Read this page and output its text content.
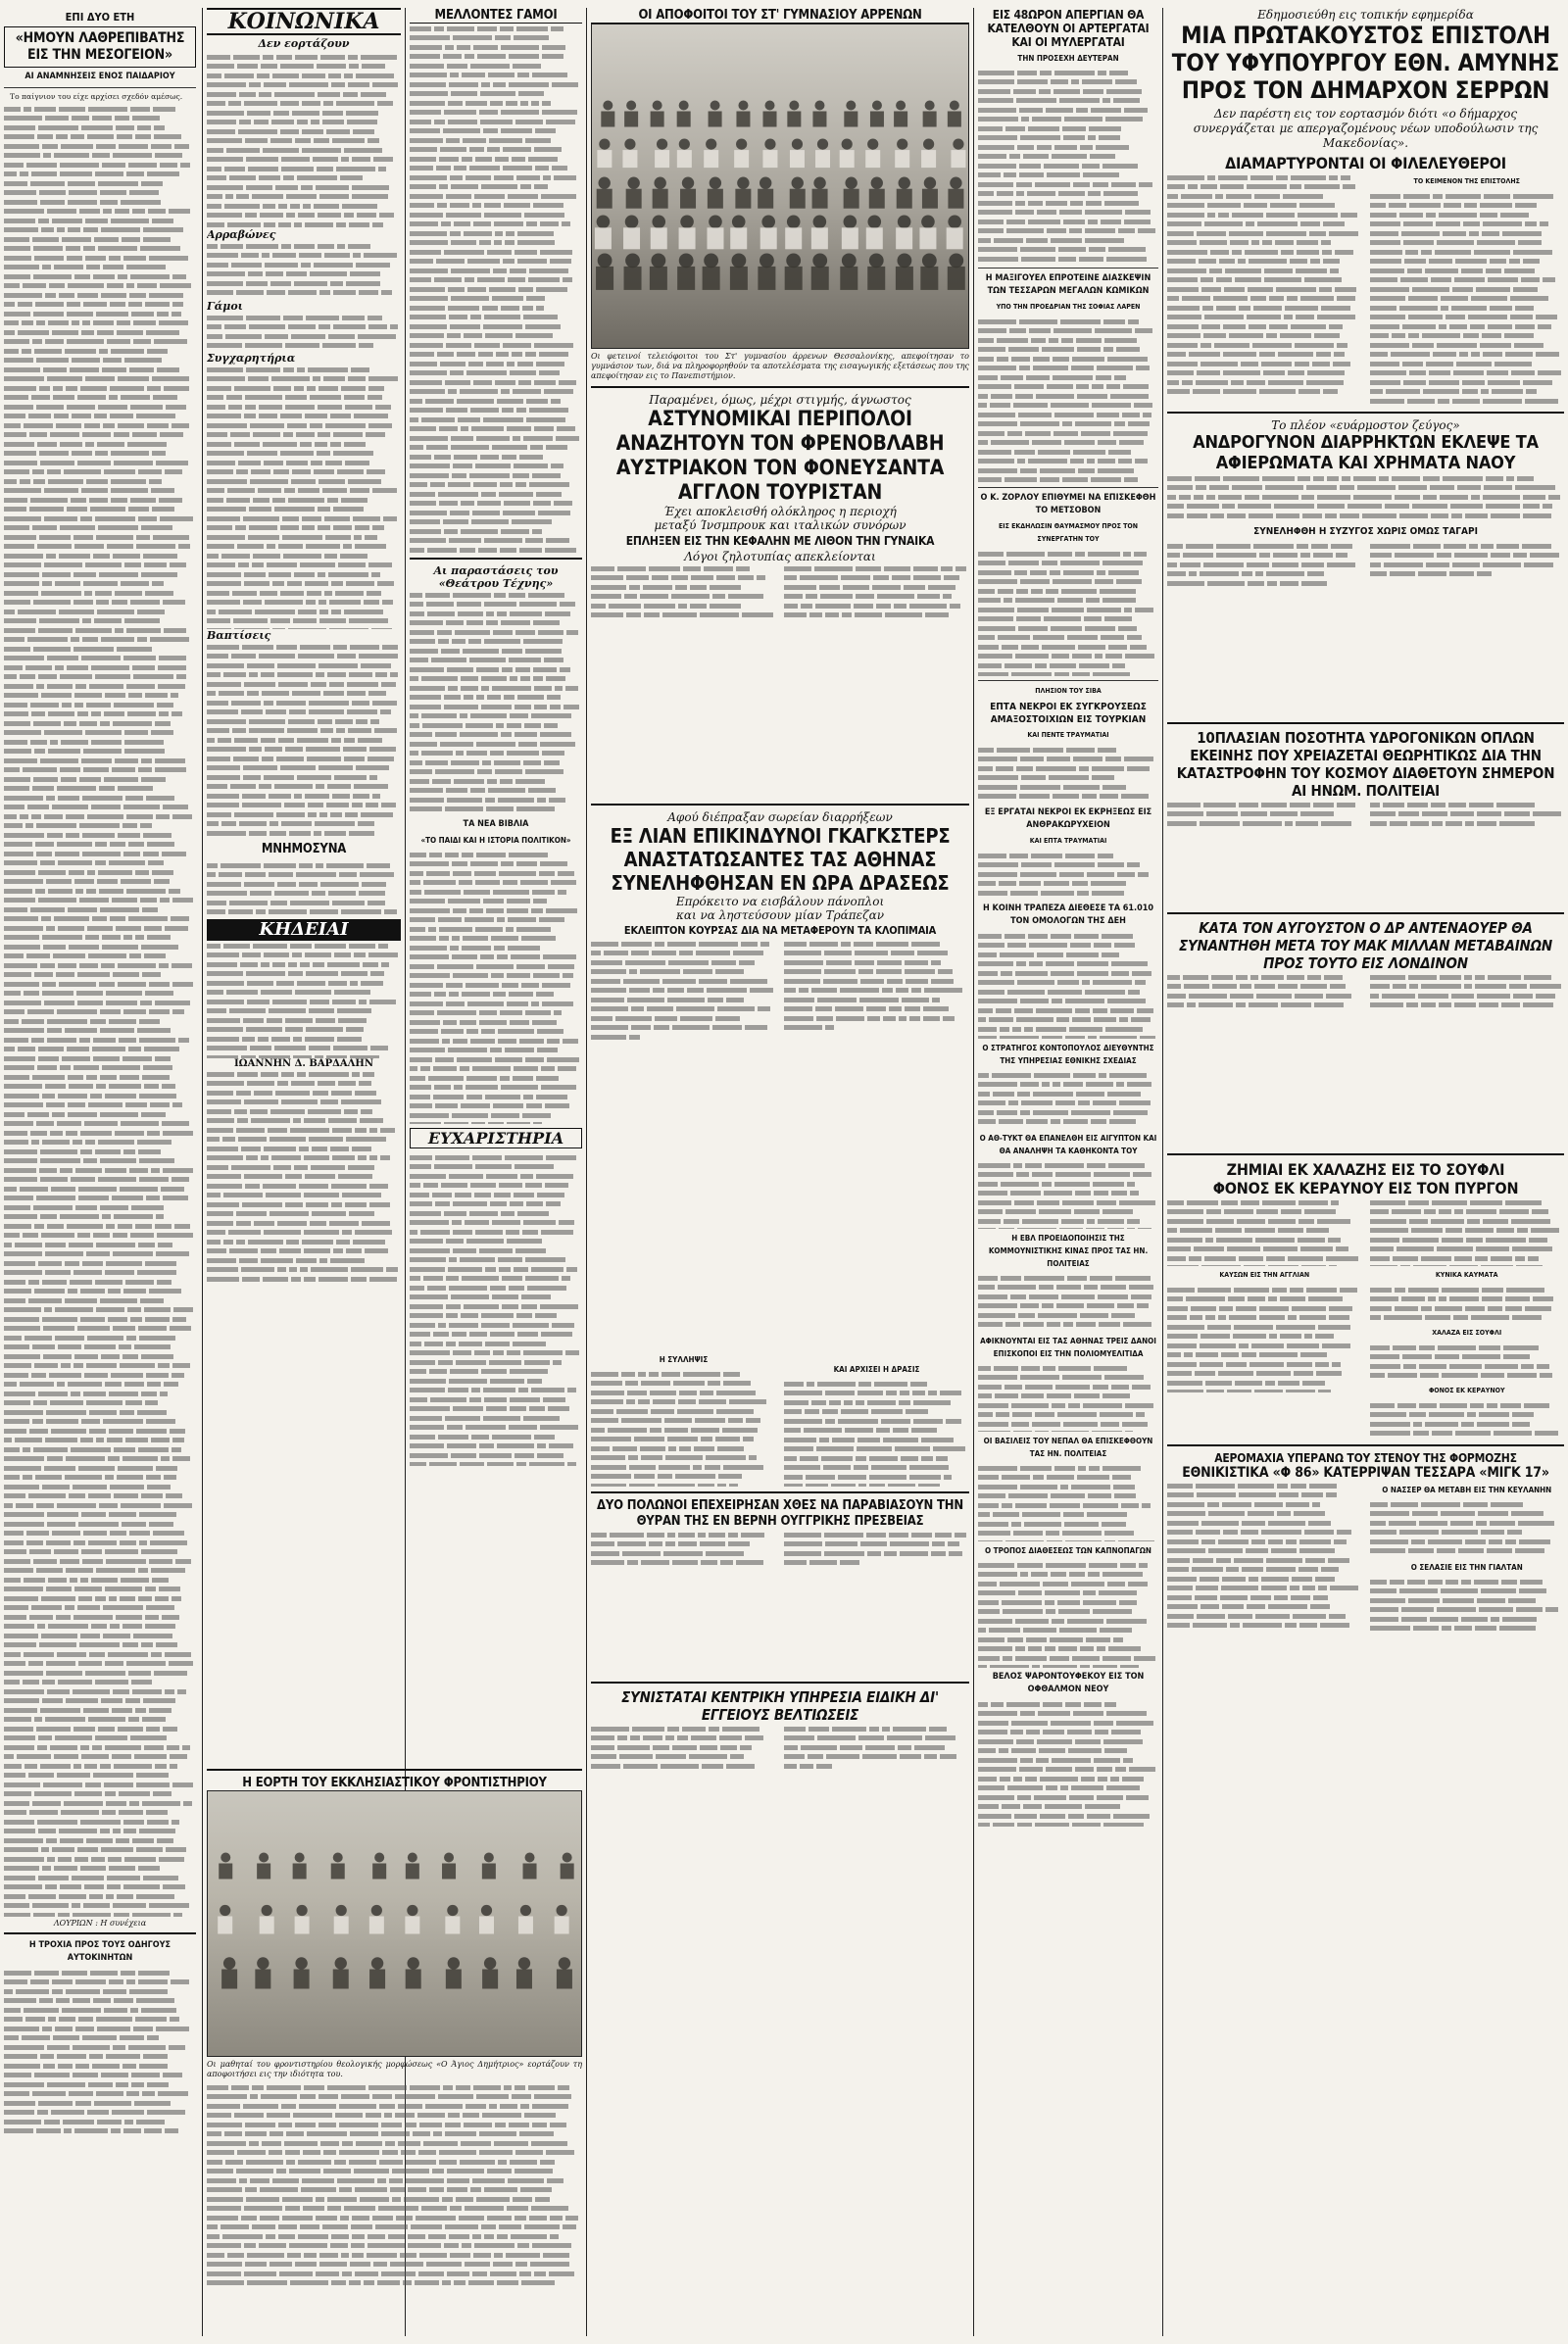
ΕΠΙ ΔΥΟ ΕΤΗ
«ΗΜΟΥΝ ΛΑΘΡΕΠΙΒΑΤΗΣ ΕΙΣ ΤΗΝ ΜΕΣΟΓΕΙΟΝ»
ΑΙ ΑΝΑΜΝΗΣΕΙΣ ΕΝΟΣ ΠΑΙΔΑΡΙΟΥ

Το παίγνιον του είχε αρχίσει σχεδόν αμέσως.

ΛΟΥΡΙΩΝ : Η συνέχεια
Η ΤΡΟΧΙΑ ΠΡΟΣ ΤΟΥΣ ΟΔΗΓΟΥΣ ΑΥΤΟΚΙΝΗΤΩΝ
ΚΟΙΝΩΝΙΚΑ
Δεν εορτάζουν
Αρραβώνες
Γάμοι
Συγχαρητήρια
Βαπτίσεις
ΜΝΗΜΟΣΥΝΑ
ΚΗΔΕΙΑΙ
ΙΩΑΝΝΗΝ Δ. ΒΑΡΔΑΛΗΝ
ΜΕΛΛΟΝΤΕΣ ΓΑΜΟΙ
Αι παραστάσεις του «Θεάτρου Τέχνης»
ΤΑ ΝΕΑ ΒΙΒΛΙΑ
«ΤΟ ΠΑΙΔΙ ΚΑΙ Η ΙΣΤΟΡΙΑ ΠΟΛΙΤΙΚΟΝ»
ΕΥΧΑΡΙΣΤΗΡΙΑ
Η ΕΟΡΤΗ ΤΟΥ ΕΚΚΛΗΣΙΑΣΤΙΚΟΥ ΦΡΟΝΤΙΣΤΗΡΙΟΥ
Οι μαθηταί του φροντιστηρίου θεολογικής μορφώσεως «Ο Άγιος Δημήτριος» εορτάζουν τη αποφοιτήσει εις την ιδιότητα του.
ΟΙ ΑΠΟΦΟΙΤΟΙ ΤΟΥ ΣΤ' ΓΥΜΝΑΣΙΟΥ ΑΡΡΕΝΩΝ
Οι φετεινοί τελειόφοιτοι του Στ' γυμνασίου άρρενων Θεσσαλονίκης, απεφοίτησαν το γυμνάσιον των, διά να πληροφορηθούν τα αποτελέσματα της εισαγωγικής εξετάσεως που της απεφοίτησαν εις το Πανεπιστήμιον.
Παραμένει, όμως, μέχρι στιγμής, άγνωστος
ΑΣΤΥΝΟΜΙΚΑΙ ΠΕΡΙΠΟΛΟΙ ΑΝΑΖΗΤΟΥΝ ΤΟΝ ΦΡΕΝΟΒΛΑΒΗ ΑΥΣΤΡΙΑΚΟΝ ΤΟΝ ΦΟΝΕΥΣΑΝΤΑ ΑΓΓΛΟΝ ΤΟΥΡΙΣΤΑΝ
Έχει αποκλεισθή ολόκληρος η περιοχή
μεταξύ Ίνσμπρουκ και ιταλικών συνόρων
ΕΠΛΗΞΕΝ ΕΙΣ ΤΗΝ ΚΕΦΑΛΗΝ ΜΕ ΛΙΘΟΝ ΤΗΝ ΓΥΝΑΙΚΑ
Λόγοι ζηλοτυπίας απεκλείονται
Αφού διέπραξαν σωρείαν διαρρήξεων
ΕΞ ΛΙΑΝ ΕΠΙΚΙΝΔΥΝΟΙ ΓΚΑΓΚΣΤΕΡΣ ΑΝΑΣΤΑΤΩΣΑΝΤΕΣ ΤΑΣ ΑΘΗΝΑΣ ΣΥΝΕΛΗΦΘΗΣΑΝ ΕΝ ΩΡΑ ΔΡΑΣΕΩΣ
Επρόκειτο να εισβάλουν πάνοπλοι
και να ληστεύσουν μίαν Τράπεζαν
ΕΚΛΕΙΠΤΟΝ ΚΟΥΡΣΑΣ ΔΙΑ ΝΑ ΜΕΤΑΦΕΡΟΥΝ ΤΑ ΚΛΟΠΙΜΑΙΑ
Η ΣΥΛΛΗΨΙΣ
ΚΑΙ ΑΡΧΙΣΕΙ Η ΔΡΑΣΙΣ
ΔΥΟ ΠΟΛΩΝΟΙ ΕΠΕΧΕΙΡΗΣΑΝ ΧΘΕΣ ΝΑ ΠΑΡΑΒΙΑΣΟΥΝ ΤΗΝ ΘΥΡΑΝ ΤΗΣ ΕΝ ΒΕΡΝΗ ΟΥΓΓΡΙΚΗΣ ΠΡΕΣΒΕΙΑΣ
ΣΥΝΙΣΤΑΤΑΙ ΚΕΝΤΡΙΚΗ ΥΠΗΡΕΣΙΑ ΕΙΔΙΚΗ ΔΙ' ΕΓΓΕΙΟΥΣ ΒΕΛΤΙΩΣΕΙΣ
ΕΙΣ 48ΩΡΟΝ ΑΠΕΡΓΙΑΝ ΘΑ ΚΑΤΕΛΘΟΥΝ ΟΙ ΑΡΤΕΡΓΑΤΑΙ ΚΑΙ ΟΙ ΜΥΛΕΡΓΑΤΑΙ
ΤΗΝ ΠΡΟΣΕΧΗ ΔΕΥΤΕΡΑΝ
Η ΜΑΞΙΓΟΥΕΛ ΕΠΡΟΤΕΙΝΕ ΔΙΑΣΚΕΨΙΝ ΤΩΝ ΤΕΣΣΑΡΩΝ ΜΕΓΑΛΩΝ ΚΩΜΙΚΩΝ
ΥΠΟ ΤΗΝ ΠΡΟΕΔΡΙΑΝ ΤΗΣ ΣΟΦΙΑΣ ΛΑΡΕΝ
Ο Κ. ΖΟΡΛΟΥ ΕΠΙΘΥΜΕΙ ΝΑ ΕΠΙΣΚΕΦΘΗ ΤΟ ΜΕΤΣΟΒΟΝ
ΕΙΣ ΕΚΔΗΛΩΣΙΝ ΘΑΥΜΑΣΜΟΥ ΠΡΟΣ ΤΟΝ ΣΥΝΕΡΓΑΤΗΝ ΤΟΥ
ΠΛΗΣΙΟΝ ΤΟΥ ΣΙΒΑ
ΕΠΤΑ ΝΕΚΡΟΙ ΕΚ ΣΥΓΚΡΟΥΣΕΩΣ ΑΜΑΞΟΣΤΟΙΧΙΩΝ ΕΙΣ ΤΟΥΡΚΙΑΝ
ΚΑΙ ΠΕΝΤΕ ΤΡΑΥΜΑΤΙΑΙ
ΕΞ ΕΡΓΑΤΑΙ ΝΕΚΡΟΙ ΕΚ ΕΚΡΗΞΕΩΣ ΕΙΣ ΑΝΘΡΑΚΩΡΥΧΕΙΟΝ
ΚΑΙ ΕΠΤΑ ΤΡΑΥΜΑΤΙΑΙ
Η ΚΟΙΝΗ ΤΡΑΠΕΖΑ ΔΙΕΘΕΣΕ ΤΑ 61.010 ΤΟΝ ΟΜΟΛΟΓΩΝ ΤΗΣ ΔΕΗ
Ο ΣΤΡΑΤΗΓΟΣ ΚΟΝΤΟΠΟΥΛΟΣ ΔΙΕΥΘΥΝΤΗΣ ΤΗΣ ΥΠΗΡΕΣΙΑΣ ΕΘΝΙΚΗΣ ΣΧΕΔΙΑΣ
Ο ΑΘ-ΤΥΚΤ ΘΑ ΕΠΑΝΕΛΘΗ ΕΙΣ ΑΙΓΥΠΤΟΝ ΚΑΙ ΘΑ ΑΝΑΛΗΨΗ ΤΑ ΚΑΘΗΚΟΝΤΑ ΤΟΥ
Η ΕΒΛ ΠΡΟΕΙΔΟΠΟΙΗΣΙΣ ΤΗΣ ΚΟΜΜΟΥΝΙΣΤΙΚΗΣ ΚΙΝΑΣ ΠΡΟΣ ΤΑΣ ΗΝ. ΠΟΛΙΤΕΙΑΣ
ΑΦΙΚΝΟΥΝΤΑΙ ΕΙΣ ΤΑΣ ΑΘΗΝΑΣ ΤΡΕΙΣ ΔΑΝΟΙ ΕΠΙΣΚΟΠΟΙ ΕΙΣ ΤΗΝ ΠΟΛΙΟΜΥΕΛΙΤΙΔΑ
ΟΙ ΒΑΣΙΛΕΙΣ ΤΟΥ ΝΕΠΑΛ ΘΑ ΕΠΙΣΚΕΦΘΟΥΝ ΤΑΣ ΗΝ. ΠΟΛΙΤΕΙΑΣ
Ο ΤΡΟΠΟΣ ΔΙΑΘΕΣΕΩΣ ΤΩΝ ΚΑΠΝΟΠΑΓΩΝ
ΒΕΛΟΣ ΨΑΡΟΝΤΟΥΦΕΚΟΥ ΕΙΣ ΤΟΝ ΟΦΘΑΛΜΟΝ ΝΕΟΥ
Εδημοσιεύθη εις τοπικήν εφημερίδα
ΜΙΑ ΠΡΩΤΑΚΟΥΣΤΟΣ ΕΠΙΣΤΟΛΗ ΤΟΥ ΥΦΥΠΟΥΡΓΟΥ ΕΘΝ. ΑΜΥΝΗΣ ΠΡΟΣ ΤΟΝ ΔΗΜΑΡΧΟΝ ΣΕΡΡΩΝ
Δεν παρέστη εις τον εορτασμόν διότι «ο δήμαρχος συνεργάζεται με απεργαζομένους νέων υποδούλωσιν της Μακεδονίας».
ΔΙΑΜΑΡΤΥΡΟΝΤΑΙ ΟΙ ΦΙΛΕΛΕΥΘΕΡΟΙ
ΤΟ ΚΕΙΜΕΝΟΝ ΤΗΣ ΕΠΙΣΤΟΛΗΣ
Το πλέον «ευάρμοστον ζεύγος»
ΑΝΔΡΟΓΥΝΟΝ ΔΙΑΡΡΗΚΤΩΝ ΕΚΛΕΨΕ ΤΑ ΑΦΙΕΡΩΜΑΤΑ ΚΑΙ ΧΡΗΜΑΤΑ ΝΑΟΥ
ΣΥΝΕΛΗΦΘΗ Η ΣΥΖΥΓΟΣ ΧΩΡΙΣ ΟΜΩΣ ΤΑΓΑΡΙ
10ΠΛΑΣΙΑΝ ΠΟΣΟΤΗΤΑ ΥΔΡΟΓΟΝΙΚΩΝ ΟΠΛΩΝ ΕΚΕΙΝΗΣ ΠΟΥ ΧΡΕΙΑΖΕΤΑΙ ΘΕΩΡΗΤΙΚΩΣ ΔΙΑ ΤΗΝ ΚΑΤΑΣΤΡΟΦΗΝ ΤΟΥ ΚΟΣΜΟΥ ΔΙΑΘΕΤΟΥΝ ΣΗΜΕΡΟΝ ΑΙ ΗΝΩΜ. ΠΟΛΙΤΕΙΑΙ
ΚΑΤΑ ΤΟΝ ΑΥΓΟΥΣΤΟΝ Ο ΔΡ ΑΝΤΕΝΑΟΥΕΡ ΘΑ ΣΥΝΑΝΤΗΘΗ ΜΕΤΑ ΤΟΥ ΜΑΚ ΜΙΛΛΑΝ ΜΕΤΑΒΑΙΝΩΝ ΠΡΟΣ ΤΟΥΤΟ ΕΙΣ ΛΟΝΔΙΝΟΝ
ΖΗΜΙΑΙ ΕΚ ΧΑΛΑΖΗΣ ΕΙΣ ΤΟ ΣΟΥΦΛΙ
ΦΟΝΟΣ ΕΚ ΚΕΡΑΥΝΟΥ ΕΙΣ ΤΟΝ ΠΥΡΓΟΝ
ΚΑΥΣΩΝ ΕΙΣ ΤΗΝ ΑΓΓΛΙΑΝ	ΚΥΝΙΚΑ ΚΑΥΜΑΤΑ
ΧΑΛΑΖΑ ΕΙΣ ΣΟΥΦΛΙ
ΦΟΝΟΣ ΕΚ ΚΕΡΑΥΝΟΥ
ΑΕΡΟΜΑΧΙΑ ΥΠΕΡΑΝΩ ΤΟΥ ΣΤΕΝΟΥ ΤΗΣ ΦΟΡΜΟΖΗΣ
ΕΘΝΙΚΙΣΤΙΚΑ «Φ 86» ΚΑΤΕΡΡΙΨΑΝ ΤΕΣΣΑΡΑ «ΜΙΓΚ 17»
Ο ΝΑΣΣΕΡ ΘΑ ΜΕΤΑΒΗ ΕΙΣ ΤΗΝ ΚΕΥΛΑΝΗΝ
Ο ΣΕΛΑΣΙΕ ΕΙΣ ΤΗΝ ΓΙΑΛΤΑΝ
